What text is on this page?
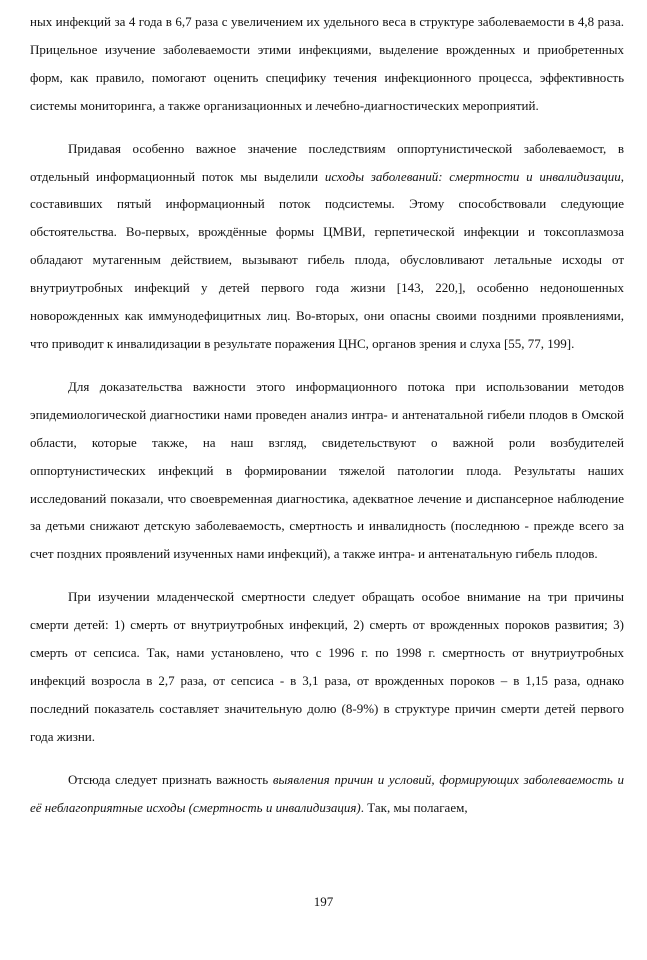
ных инфекций за 4 года в 6,7 раза с увеличением их удельного веса в структуре заболеваемости в 4,8 раза. Прицельное изучение заболеваемости этими инфекциями, выделение врожденных и приобретенных форм, как правило, помогают оценить специфику течения инфекционного процесса, эффективность системы мониторинга, а также организационных и лечебно-диагностических мероприятий.

Придавая особенно важное значение последствиям оппортунистической заболеваемост, в отдельный информационный поток мы выделили исходы заболеваний: смертности и инвалидизации, составивших пятый информационный поток подсистемы. Этому способствовали следующие обстоятельства. Во-первых, врождённые формы ЦМВИ, герпетической инфекции и токсоплазмоза обладают мутагенным действием, вызывают гибель плода, обусловливают летальные исходы от внутриутробных инфекций у детей первого года жизни [143, 220,], особенно недоношенных новорожденных как иммунодефицитных лиц. Во-вторых, они опасны своими поздними проявлениями, что приводит к инвалидизации в результате поражения ЦНС, органов зрения и слуха [55, 77, 199].

Для доказательства важности этого информационного потока при использовании методов эпидемиологической диагностики нами проведен анализ интра- и антенатальной гибели плодов в Омской области, которые также, на наш взгляд, свидетельствуют о важной роли возбудителей оппортунистических инфекций в формировании тяжелой патологии плода. Результаты наших исследований показали, что своевременная диагностика, адекватное лечение и диспансерное наблюдение за детьми снижают детскую заболеваемость, смертность и инвалидность (последнюю - прежде всего за счет поздних проявлений изученных нами инфекций), а также интра- и антенатальную гибель плодов.

При изучении младенческой смертности следует обращать особое внимание на три причины смерти детей: 1) смерть от внутриутробных инфекций, 2) смерть от врожденных пороков развития; 3) смерть от сепсиса. Так, нами установлено, что с 1996 г. по 1998 г. смертность от внутриутробных инфекций возросла в 2,7 раза, от сепсиса - в 3,1 раза, от врожденных пороков – в 1,15 раза, однако последний показатель составляет значительную долю (8-9%) в структуре причин смерти детей первого года жизни.

Отсюда следует признать важность выявления причин и условий, формирующих заболеваемость и её неблагоприятные исходы (смертность и инвалидизация). Так, мы полагаем,

197
